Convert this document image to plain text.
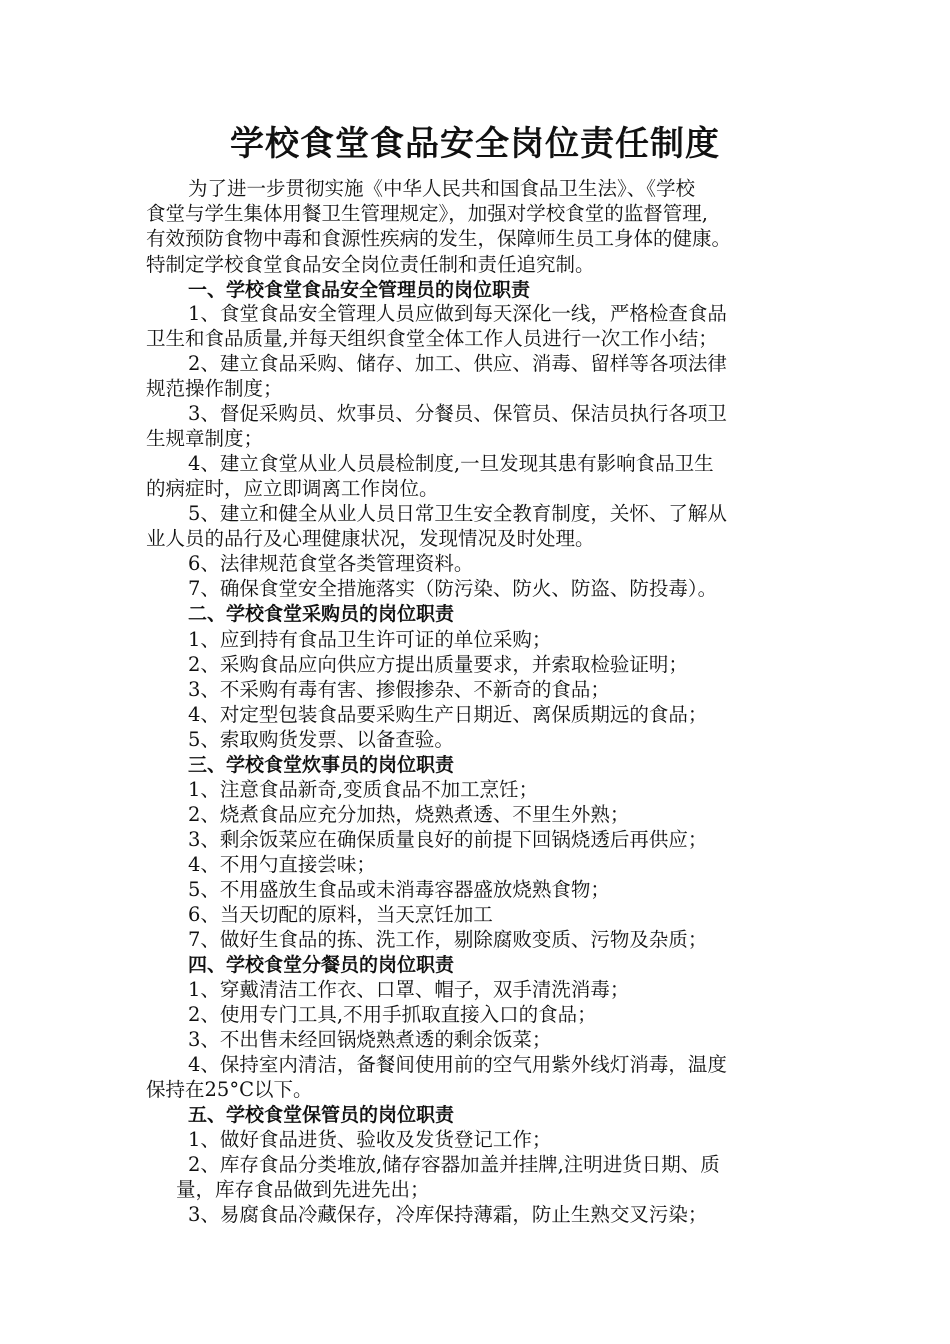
学校食堂食品安全岗位责任制度
为了进一步贯彻实施《中华人民共和国食品卫生法》、《学校
食堂与学生集体用餐卫生管理规定》，加强对学校食堂的监督管理,
有效预防食物中毒和食源性疾病的发生，保障师生员工身体的健康。
特制定学校食堂食品安全岗位责任制和责任追究制。
一、学校食堂食品安全管理员的岗位职责
1、食堂食品安全管理人员应做到每天深化一线，严格检查食品
卫生和食品质量,并每天组织食堂全体工作人员进行一次工作小结；
2、建立食品采购、储存、加工、供应、消毒、留样等各项法律
规范操作制度；
3、督促采购员、炊事员、分餐员、保管员、保洁员执行各项卫
生规章制度；
4、建立食堂从业人员晨检制度,一旦发现其患有影响食品卫生
的病症时，应立即调离工作岗位。
5、建立和健全从业人员日常卫生安全教育制度，关怀、了解从
业人员的品行及心理健康状况，发现情况及时处理。
6、法律规范食堂各类管理资料。
7、确保食堂安全措施落实（防污染、防火、防盗、防投毒）。
二、学校食堂采购员的岗位职责
1、应到持有食品卫生许可证的单位采购；
2、采购食品应向供应方提出质量要求，并索取检验证明；
3、不采购有毒有害、掺假掺杂、不新奇的食品；
4、对定型包装食品要采购生产日期近、离保质期远的食品；
5、索取购货发票、以备查验。
三、学校食堂炊事员的岗位职责
1、注意食品新奇,变质食品不加工烹饪；
2、烧煮食品应充分加热，烧熟煮透、不里生外熟；
3、剩余饭菜应在确保质量良好的前提下回锅烧透后再供应；
4、不用勺直接尝味；
5、不用盛放生食品或未消毒容器盛放烧熟食物；
6、当天切配的原料，当天烹饪加工
7、做好生食品的拣、洗工作，剔除腐败变质、污物及杂质；
四、学校食堂分餐员的岗位职责
1、穿戴清洁工作衣、口罩、帽子，双手清洗消毒；
2、使用专门工具,不用手抓取直接入口的食品；
3、不出售未经回锅烧熟煮透的剩余饭菜；
4、保持室内清洁，备餐间使用前的空气用紫外线灯消毒，温度
保持在25°C以下。
五、学校食堂保管员的岗位职责
1、做好食品进货、验收及发货登记工作；
2、库存食品分类堆放,储存容器加盖并挂牌,注明进货日期、质
量，库存食品做到先进先出；
3、易腐食品冷藏保存，冷库保持薄霜，防止生熟交叉污染；
